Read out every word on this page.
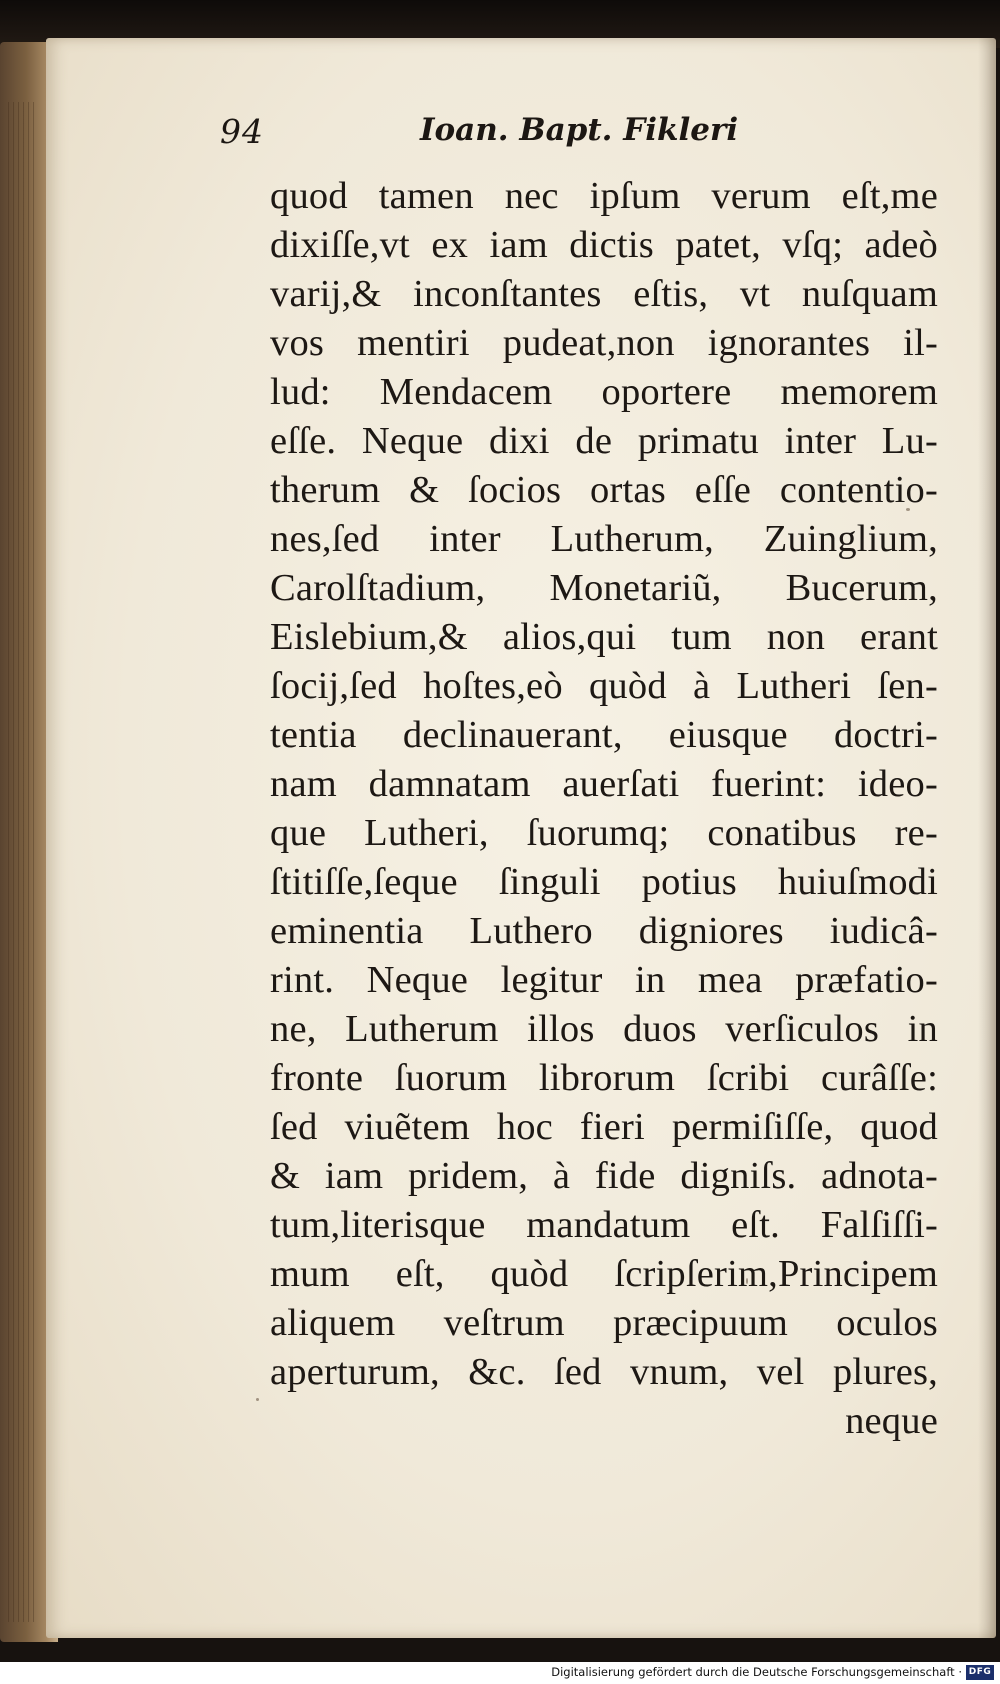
94	Ioan. Bapt. Fikleri
quod tamen nec ipſum verum eſt,me
dixiſſe,vt ex iam dictis patet, vſq; adeò
varij,& inconſtantes eſtis, vt nuſquam
vos mentiri pudeat,non ignorantes il-
lud: Mendacem oportere memorem
eſſe. Neque dixi de primatu inter Lu-
therum & ſocios ortas eſſe contentio-
nes,ſed inter Lutherum, Zuinglium,
Carolſtadium, Monetariũ, Bucerum,
Eislebium,& alios,qui tum non erant
ſocij,ſed hoſtes,eò quòd à Lutheri ſen-
tentia declinauerant, eiusque doctri-
nam damnatam auerſati fuerint: ideo-
que Lutheri, ſuorumq; conatibus re-
ſtitiſſe,ſeque ſinguli potius huiuſmodi
eminentia Luthero digniores iudicâ-
rint. Neque legitur in mea præfatio-
ne, Lutherum illos duos verſiculos in
fronte ſuorum librorum ſcribi curâſſe:
ſed viuẽtem hoc fieri permiſiſſe, quod
& iam pridem, à fide digniſs. adnota-
tum,literisque mandatum eſt. Falſiſſi-
mum eſt, quòd ſcripſerim,Principem
aliquem veſtrum præcipuum oculos
aperturum, &c. ſed vnum, vel plures,
neque
Digitalisierung gefördert durch die Deutsche Forschungsgemeinschaft · DFG
